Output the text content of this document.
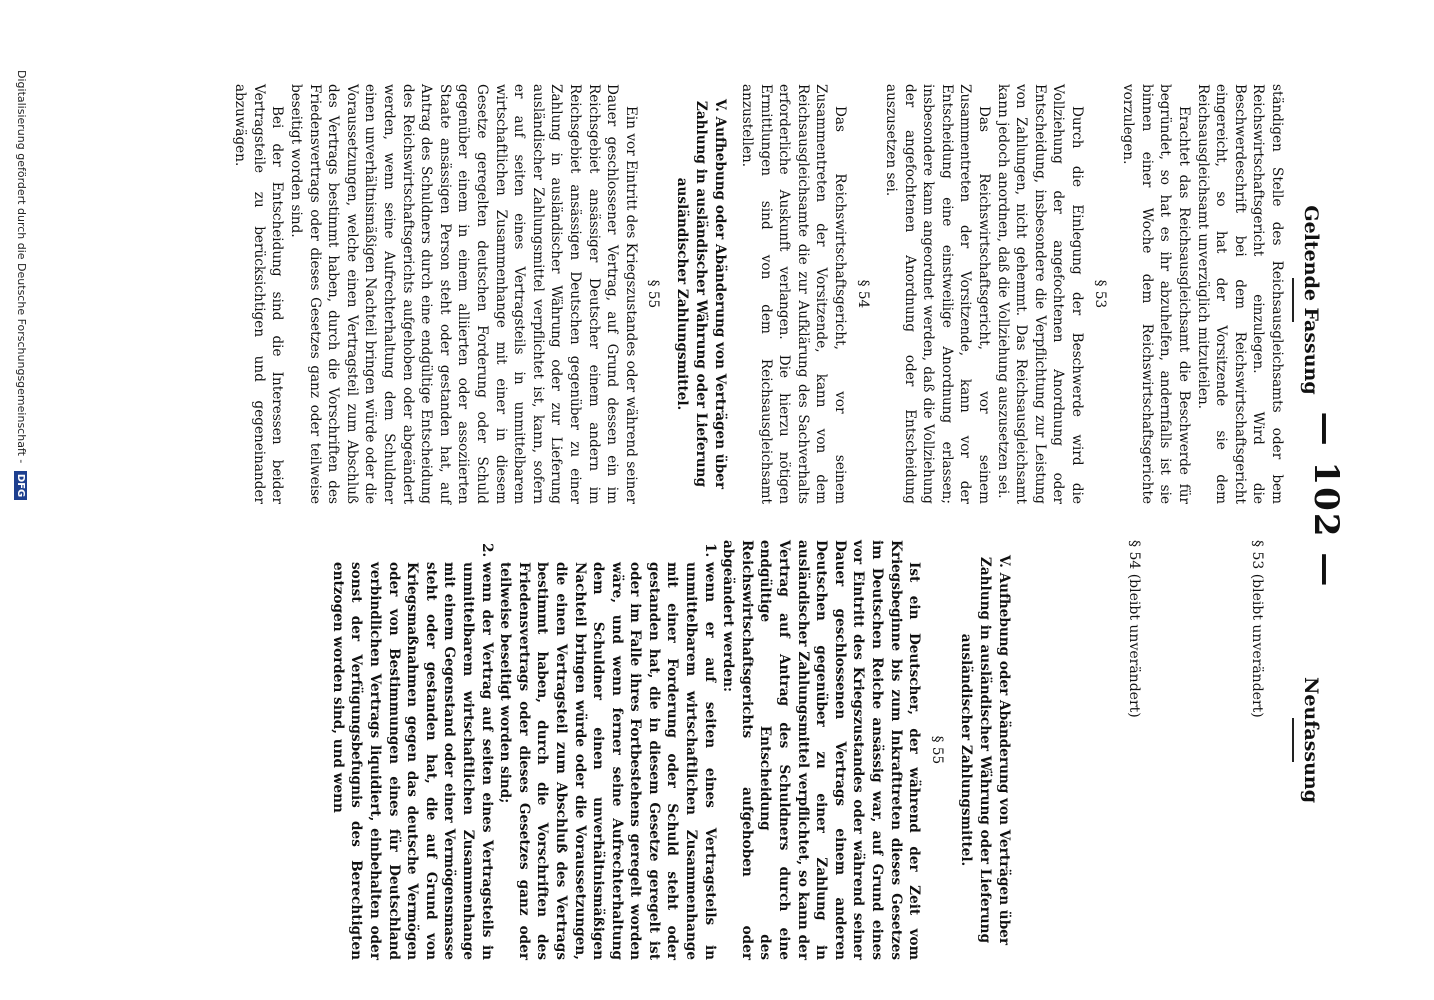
— 102 —
Geltende Fassung
Neufassung

ständigen Stelle des Reichsausgleichsamts oder bem Reichswirtschaftsgericht einzulegen. Wird die Beschwerdeschrift bei dem Reichswirtschaftsgericht eingereicht, so hat der Vorsitzende sie dem Reichsausgleichsamt unverzüglich mitzuteilen.

Erachtet das Reichsausgleichsamt die Beschwerde für begründet, so hat es ihr abzuhelfen, andernfalls ist sie binnen einer Woche dem Reichswirtschaftsgerichte vorzulegen.

§ 53

Durch die Einlegung der Beschwerde wird die Vollziehung der angefochtenen Anordnung oder Entscheidung, insbesondere die Verpflichtung zur Leistung von Zahlungen, nicht gehemmt. Das Reichsausgleichsamt kann jedoch anordnen, daß die Vollziehung auszusetzen sei.

Das Reichswirtschaftsgericht, vor seinem Zusammentreten der Vorsitzende, kann vor der Entscheidung eine einstweilige Anordnung erlassen; insbesondere kann angeordnet werden, daß die Vollziehung der angefochtenen Anordnung oder Entscheidung auszusetzen sei.

§ 54

Das Reichswirtschaftsgericht, vor seinem Zusammentreten der Vorsitzende, kann von dem Reichsausgleichsamte die zur Aufklärung des Sachverhalts erforderliche Auskunft verlangen. Die hierzu nötigen Ermittlungen sind von dem Reichsausgleichsamt anzustellen.

V. Aufhebung oder Abänderung von Verträgen über Zahlung in ausländischer Währung oder Lieferung ausländischer Zahlungsmittel.
§ 55

Ein vor Eintritt des Kriegszustandes oder während seiner Dauer geschlossener Vertrag, auf Grund dessen ein im Reichsgebiet ansässiger Deutscher einem andern im Reichsgebiet ansässigen Deutschen gegenüber zu einer Zahlung in ausländischer Währung oder zur Lieferung ausländischer Zahlungsmittel verpflichtet ist, kann, sofern er auf seiten eines Vertragsteils in unmittelbarem wirtschaftlichen Zusammenhange mit einer in diesem Gesetze geregelten deutschen Forderung oder Schuld gegenüber einem in einem alliierten oder assoziierten Staate ansässigen Person steht oder gestanden hat, auf Antrag des Schuldners durch eine endgültige Entscheidung des Reichswirtschaftsgerichts aufgehoben oder abgeändert werden, wenn seine Aufrechterhaltung dem Schuldner einen unverhältnismäßigen Nachteil bringen würde oder die Voraussetzungen, welche einen Vertragsteil zum Abschluß des Vertrags bestimmt haben, durch die Vorschriften des Friedensvertrags oder dieses Gesetzes ganz oder teilweise beseitigt worden sind.

Bei der Entscheidung sind die Interessen beider Vertragsteile zu berücksichtigen und gegeneinander abzuwägen.

§ 53 (bleibt unverändert)

§ 54 (bleibt unverändert)

V. Aufhebung oder Abänderung von Verträgen über Zahlung in ausländischer Währung oder Lieferung ausländischer Zahlungsmittel.
§ 55

Ist ein Deutscher, der während der Zeit vom Kriegsbeginne bis zum Inkrafttreten dieses Gesetzes im Deutschen Reiche ansässig war, auf Grund eines vor Eintritt des Kriegszustandes oder während seiner Dauer geschlossenen Vertrags einem anderen Deutschen gegenüber zu einer Zahlung in ausländischer Zahlungsmittel verpflichtet, so kann der Vertrag auf Antrag des Schuldners durch eine endgültige Entscheidung des Reichswirtschaftsgerichts aufgehoben oder abgeändert werden:

1. wenn er auf seiten eines Vertragsteils in unmittelbarem wirtschaftlichen Zusammenhange mit einer Forderung oder Schuld steht oder gestanden hat, die in diesem Gesetze geregelt ist oder im Falle ihres Fortbestehens geregelt worden wäre, und wenn ferner seine Aufrechterhaltung dem Schuldner einen unverhältnismäßigen Nachteil bringen würde oder die Voraussetzungen, die einen Vertragsteil zum Abschluß des Vertrags bestimmt haben, durch die Vorschriften des Friedensvertrags oder dieses Gesetzes ganz oder teilweise beseitigt worden sind;
2. wenn der Vertrag auf seiten eines Vertragsteils in unmittelbarem wirtschaftlichen Zusammenhange mit einem Gegenstand oder einer Vermögensmasse steht oder gestanden hat, die auf Grund von Kriegsmaßnahmen gegen das deutsche Vermögen oder von Bestimmungen eines für Deutschland verbindlichen Vertrags liquidiert, einbehalten oder sonst der Verfügungsbefugnis des Berechtigten entzogen worden sind, und wenn
Digitalisierung gefördert durch die Deutsche Forschungsgemeinschaft - DFG
